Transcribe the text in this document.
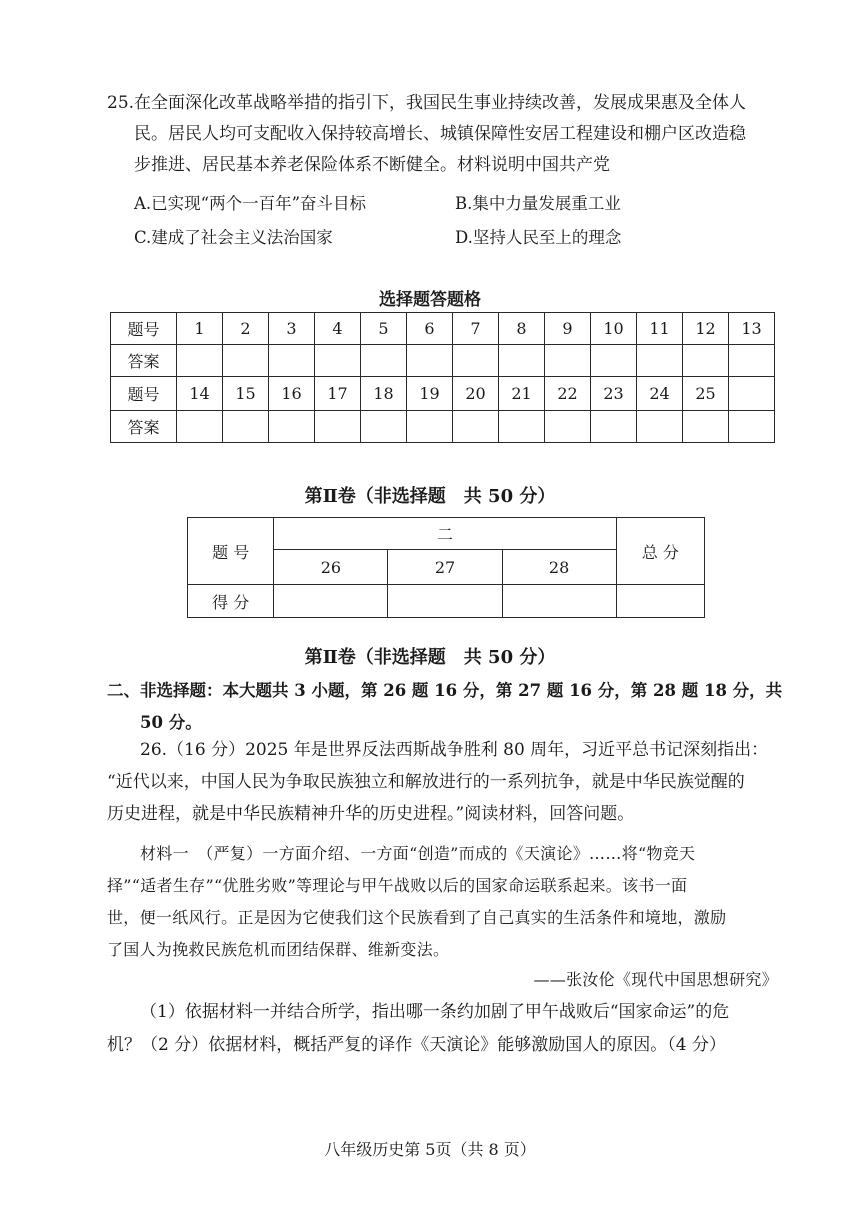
25.在全面深化改革战略举措的指引下，我国民生事业持续改善，发展成果惠及全体人
民。居民人均可支配收入保持较高增长、城镇保障性安居工程建设和棚户区改造稳
步推进、居民基本养老保险体系不断健全。材料说明中国共产党
A.已实现“两个一百年”奋斗目标	B.集中力量发展重工业
C.建成了社会主义法治国家	D.坚持人民至上的理念
选择题答题格
题号	1	2	3	4	5	6	7	8	9	10	11	12	13
答案													
题号	14	15	16	17	18	19	20	21	22	23	24	25	
答案													
第Ⅱ卷（非选择题　共 50 分）
题 号	二			总 分
	26	27	28	
得 分				
第Ⅱ卷（非选择题　共 50 分）
二、非选择题：本大题共 3 小题，第 26 题 16 分，第 27 题 16 分，第 28 题 18 分，共
50 分。
26.（16 分）2025 年是世界反法西斯战争胜利 80 周年，习近平总书记深刻指出：
“近代以来，中国人民为争取民族独立和解放进行的一系列抗争，就是中华民族觉醒的
历史进程，就是中华民族精神升华的历史进程。”阅读材料，回答问题。
材料一　（严复）一方面介绍、一方面“创造”而成的《天演论》……将“物竞天
择”“适者生存”“优胜劣败”等理论与甲午战败以后的国家命运联系起来。该书一面
世，便一纸风行。正是因为它使我们这个民族看到了自己真实的生活条件和境地，激励
了国人为挽救民族危机而团结保群、维新变法。
——张汝伦《现代中国思想研究》
（1）依据材料一并结合所学，指出哪一条约加剧了甲午战败后“国家命运”的危
机？（2 分）依据材料，概括严复的译作《天演论》能够激励国人的原因。（4 分）
八年级历史第 5页（共 8 页）
